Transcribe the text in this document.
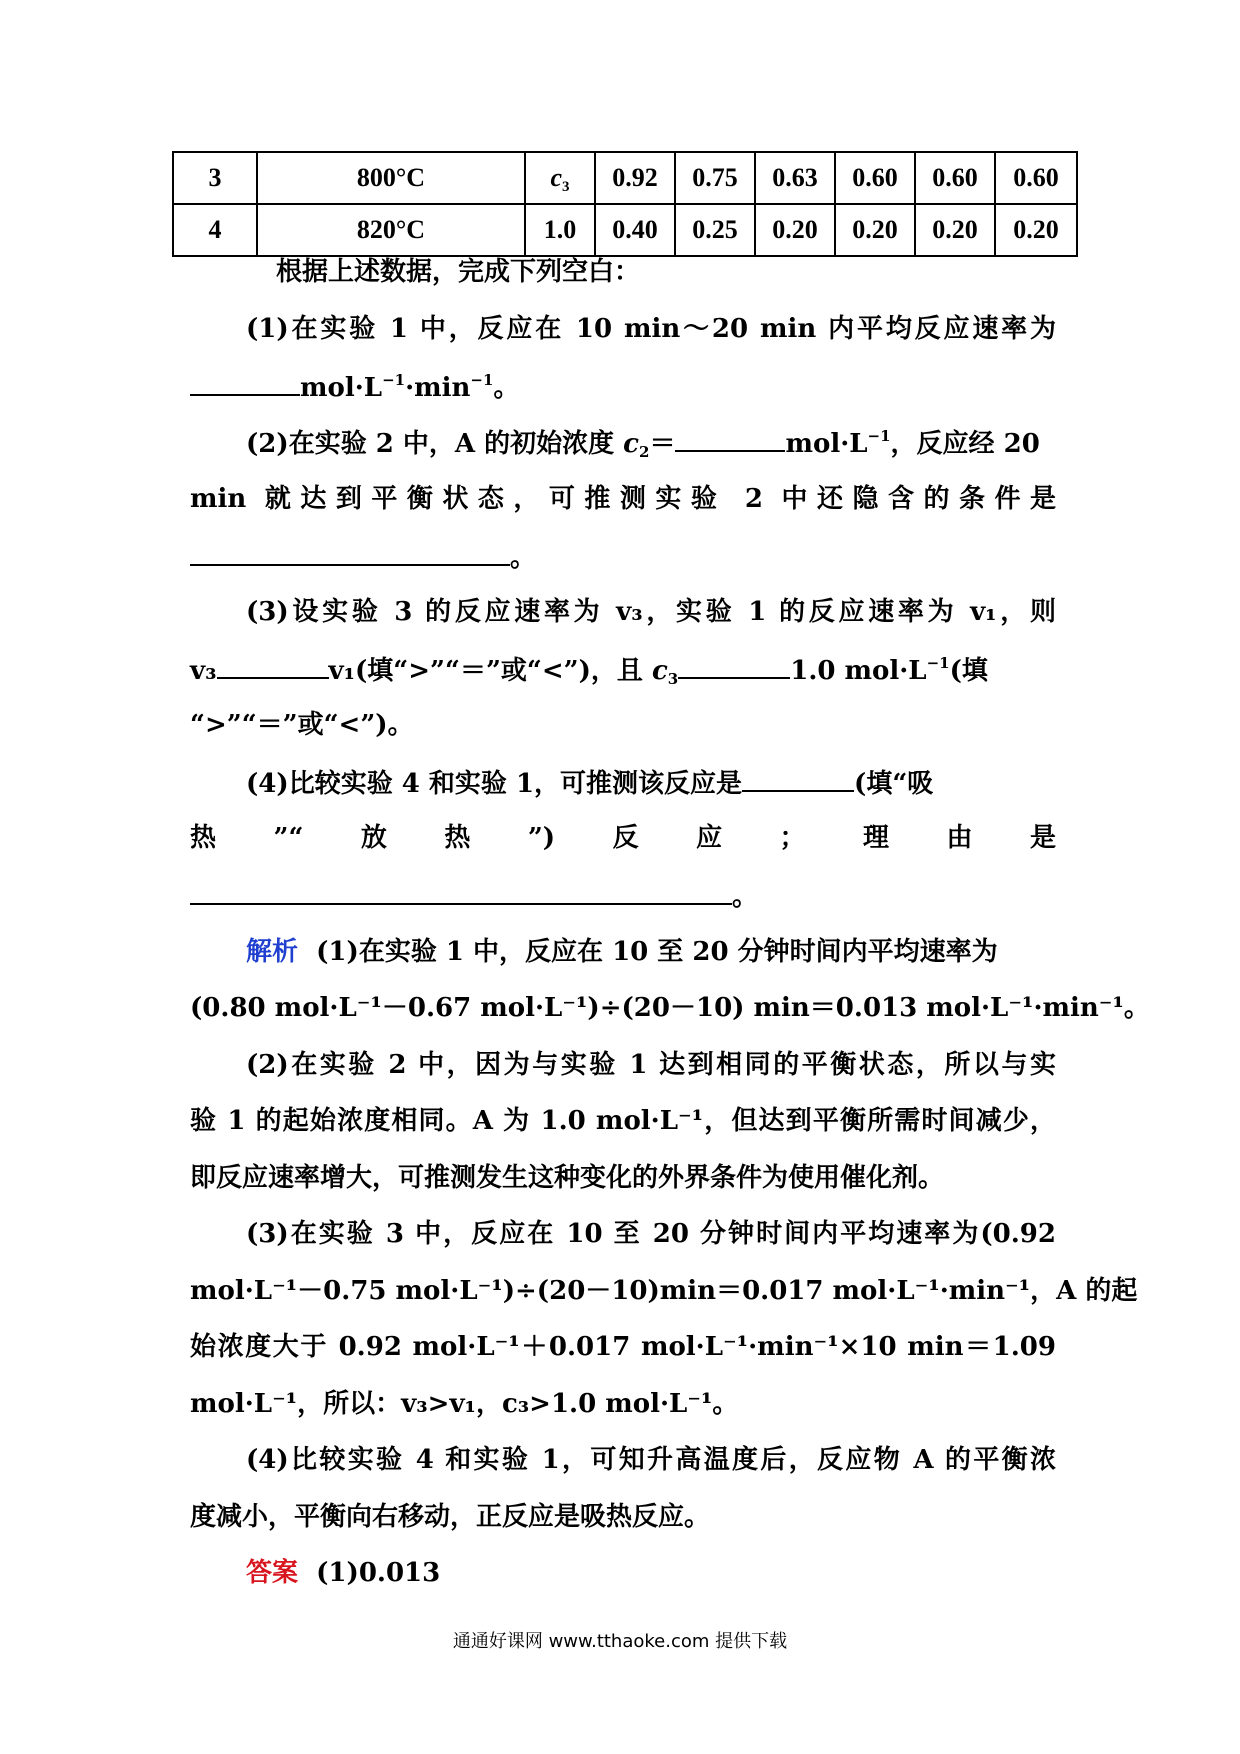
3	800°C	$c_3$	0.92	0.75	0.63	0.60	0.60	0.60
4	820°C	1.0	0.40	0.25	0.20	0.20	0.20	0.20
根据上述数据，完成下列空白：
(1)在实验 1 中，反应在 10 min～20 min 内平均反应速率为
$mol\cdot L^{-1}\cdot\min^{-1}$。
(2)在实验 2 中，A 的初始浓度 $c_2=$	$mol\cdot L^{-1}$，反应经 20
min 就达到平衡状态，可推测实验 2 中还隐含的条件是
。
(3)设实验 3 的反应速率为 v₃，实验 1 的反应速率为 v₁，则
v₃	v₁(填“>”“＝”或“<”)，且 $c_3$	1.0 $mol\cdot L^{-1}$(填
“>”“＝”或“<”)。
(4)比较实验 4 和实验 1，可推测该反应是	(填“吸
热”“放热”)反应；理由是
。
解析 (1)在实验 1 中，反应在 10 至 20 分钟时间内平均速率为
(0.80 mol·L⁻¹－0.67 mol·L⁻¹)÷(20－10) min＝0.013 mol·L⁻¹·min⁻¹。
(2)在实验 2 中，因为与实验 1 达到相同的平衡状态，所以与实
验 1 的起始浓度相同。A 为 1.0 mol·L⁻¹，但达到平衡所需时间减少，
即反应速率增大，可推测发生这种变化的外界条件为使用催化剂。
(3)在实验 3 中，反应在 10 至 20 分钟时间内平均速率为(0.92
mol·L⁻¹－0.75 mol·L⁻¹)÷(20－10)min＝0.017 mol·L⁻¹·min⁻¹，A 的起
始浓度大于 0.92 mol·L⁻¹＋0.017 mol·L⁻¹·min⁻¹×10 min＝1.09
mol·L⁻¹，所以：v₃>v₁，c₃>1.0 mol·L⁻¹。
(4)比较实验 4 和实验 1，可知升高温度后，反应物 A 的平衡浓
度减小，平衡向右移动，正反应是吸热反应。
答案 (1)0.013
通通好课网 www.tthaoke.com 提供下载
